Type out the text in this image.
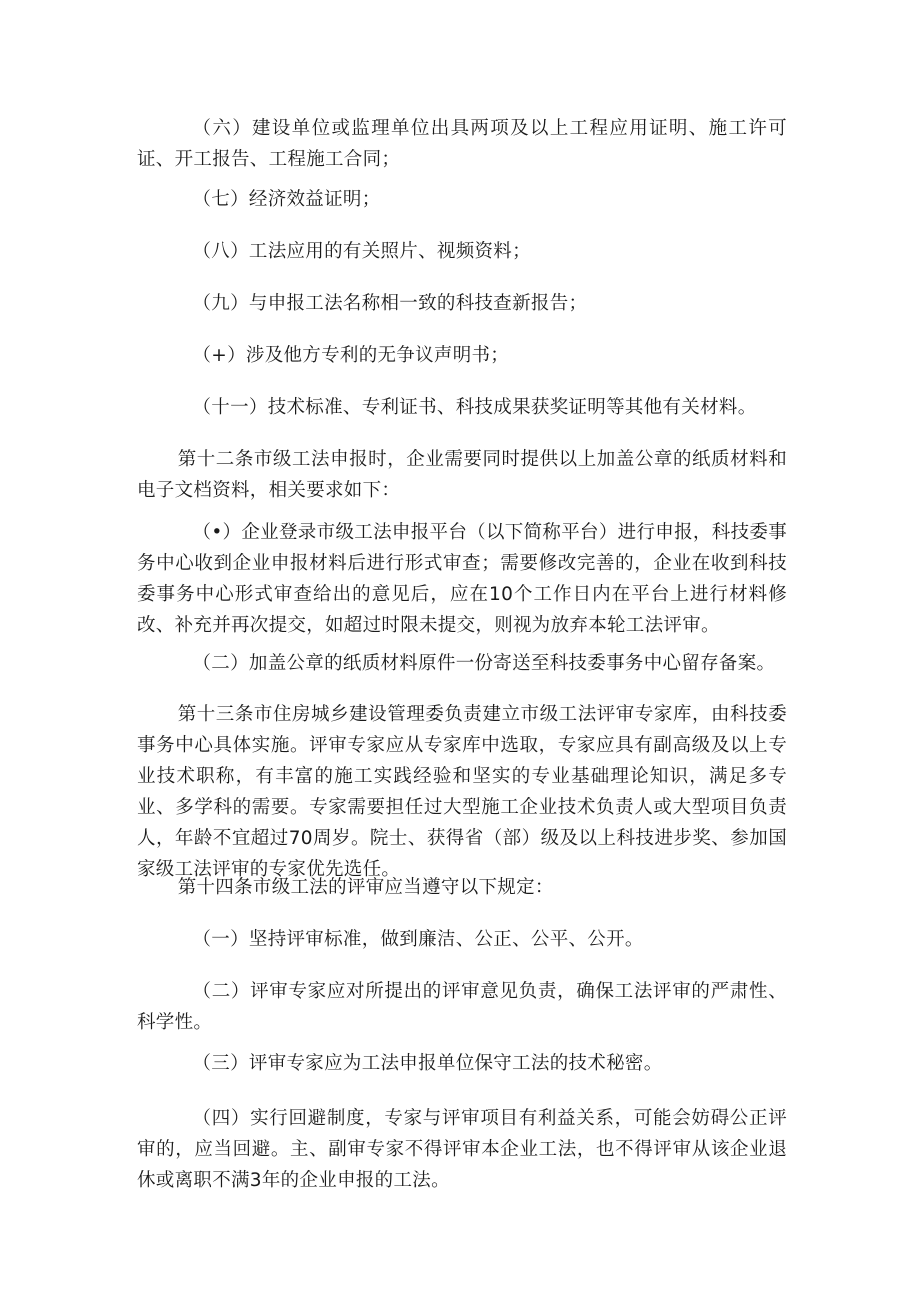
（六）建设单位或监理单位出具两项及以上工程应用证明、施工许可证、开工报告、工程施工合同；

（七）经济效益证明；

（八）工法应用的有关照片、视频资料；

（九）与申报工法名称相一致的科技查新报告；

（+）涉及他方专利的无争议声明书；

（十一）技术标准、专利证书、科技成果获奖证明等其他有关材料。

第十二条市级工法申报时，企业需要同时提供以上加盖公章的纸质材料和电子文档资料，相关要求如下：

（•）企业登录市级工法申报平台（以下简称平台）进行申报，科技委事务中心收到企业申报材料后进行形式审查；需要修改完善的，企业在收到科技委事务中心形式审查给出的意见后，应在10个工作日内在平台上进行材料修改、补充并再次提交，如超过时限未提交，则视为放弃本轮工法评审。

（二）加盖公章的纸质材料原件一份寄送至科技委事务中心留存备案。

第十三条市住房城乡建设管理委负责建立市级工法评审专家库，由科技委事务中心具体实施。评审专家应从专家库中选取，专家应具有副高级及以上专业技术职称，有丰富的施工实践经验和坚实的专业基础理论知识，满足多专业、多学科的需要。专家需要担任过大型施工企业技术负责人或大型项目负责人，年龄不宜超过70周岁。院士、获得省（部）级及以上科技进步奖、参加国家级工法评审的专家优先选任。

第十四条市级工法的评审应当遵守以下规定：

（一）坚持评审标准，做到廉洁、公正、公平、公开。

（二）评审专家应对所提出的评审意见负责，确保工法评审的严肃性、科学性。

（三）评审专家应为工法申报单位保守工法的技术秘密。

（四）实行回避制度，专家与评审项目有利益关系，可能会妨碍公正评审的，应当回避。主、副审专家不得评审本企业工法，也不得评审从该企业退休或离职不满3年的企业申报的工法。
